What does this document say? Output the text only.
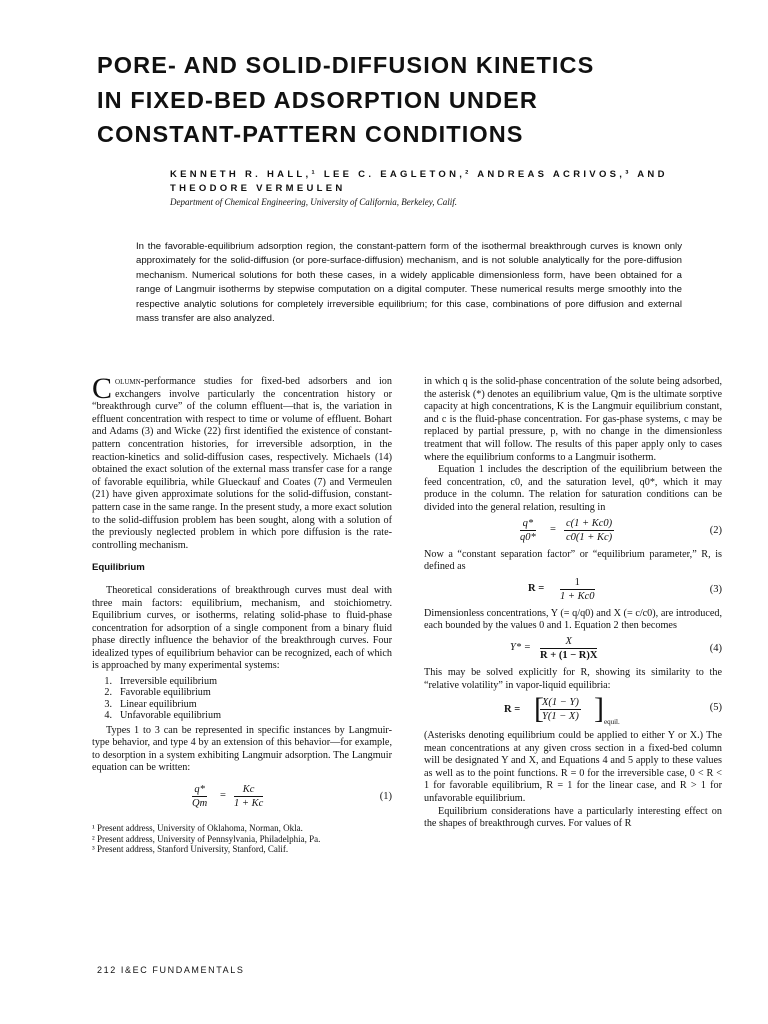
PORE- AND SOLID-DIFFUSION KINETICS
IN FIXED-BED ADSORPTION UNDER
CONSTANT-PATTERN CONDITIONS
KENNETH R. HALL,¹ LEE C. EAGLETON,² ANDREAS ACRIVOS,³ AND
THEODORE VERMEULEN
Department of Chemical Engineering, University of California, Berkeley, Calif.
In the favorable-equilibrium adsorption region, the constant-pattern form of the isothermal breakthrough curves is known only approximately for the solid-diffusion (or pore-surface-diffusion) mechanism, and is not soluble analytically for the pore-diffusion mechanism. Numerical solutions for both these cases, in a widely applicable dimensionless form, have been obtained for a range of Langmuir isotherms by stepwise computation on a digital computer. These numerical results merge smoothly into the respective analytic solutions for completely irreversible equilibrium; for this case, combinations of pore diffusion and external mass transfer are also analyzed.

Column-performance studies for fixed-bed adsorbers and ion exchangers involve particularly the concentration history or “breakthrough curve” of the column effluent—that is, the variation in effluent concentration with respect to time or volume of effluent. Bohart and Adams (3) and Wicke (22) first identified the existence of constant-pattern concentration histories, for irreversible adsorption, in the reaction-kinetics and solid-diffusion cases, respectively. Michaels (14) obtained the exact solution of the external mass transfer case for a range of favorable equilibria, while Glueckauf and Coates (7) and Vermeulen (21) have given approximate solutions for the solid-diffusion, constant-pattern case in the same range. In the present study, a more exact solution to the solid-diffusion problem has been sought, along with a solution of the previously neglected problem in which pore diffusion is the rate-controlling mechanism.

Equilibrium

Theoretical considerations of breakthrough curves must deal with three main factors: equilibrium, mechanism, and stoichiometry. Equilibrium curves, or isotherms, relating solid-phase to fluid-phase concentration for adsorption of a single component from a binary fluid phase directly influence the behavior of the breakthrough curves. Four idealized types of equilibrium behavior can be recognized, each of which is approached by many experimental systems:

1. Irreversible equilibrium
2. Favorable equilibrium
3. Linear equilibrium
4. Unfavorable equilibrium

Types 1 to 3 can be represented in specific instances by Langmuir-type behavior, and type 4 by an extension of this behavior—for example, to desorption in a system exhibiting Langmuir adsorption. The Langmuir equation can be written:

$\frac{q*}{Qm} = \frac{Kc}{1 + Kc}$	(1)
¹ Present address, University of Oklahoma, Norman, Okla.
² Present address, University of Pennsylvania, Philadelphia, Pa.
³ Present address, Stanford University, Stanford, Calif.

in which q is the solid-phase concentration of the solute being adsorbed, the asterisk (*) denotes an equilibrium value, Qm is the ultimate sorptive capacity at high concentrations, K is the Langmuir equilibrium constant, and c is the fluid-phase concentration. For gas-phase systems, c may be replaced by partial pressure, p, with no change in the dimensionless treatment that will follow. The results of this paper apply only to cases where the equilibrium conforms to a Langmuir isotherm.

Equation 1 includes the description of the equilibrium between the feed concentration, c0, and the saturation level, q0*, which it may produce in the column. The relation for saturation conditions can be divided into the general relation, resulting in

$\frac{q*}{q0*} = \frac{c(1 + Kc0)}{c0(1 + Kc)}$	(2)

Now a “constant separation factor” or “equilibrium parameter,” R, is defined as

$R = \frac{1}{1 + Kc0}$	(3)

Dimensionless concentrations, Y (= q/q0) and X (= c/c0), are introduced, each bounded by the values 0 and 1. Equation 2 then becomes

$Y* = \frac{X}{R + (1 - R)X}$	(4)

This may be solved explicitly for R, showing its similarity to the “relative volatility” in vapor-liquid equilibria:

R = [
$\frac{X(1 - Y)}{Y(1 - X)}$ ] equil.
(5)

(Asterisks denoting equilibrium could be applied to either Y or X.) The mean concentrations at any given cross section in a fixed-bed column will be designated Y and X, and Equations 4 and 5 apply to these values as well as to the point functions. R = 0 for the irreversible case, 0 < R < 1 for favorable equilibrium, R = 1 for the linear case, and R > 1 for unfavorable equilibrium.

Equilibrium considerations have a particularly interesting effect on the shapes of breakthrough curves. For values of R

212 I&EC FUNDAMENTALS
